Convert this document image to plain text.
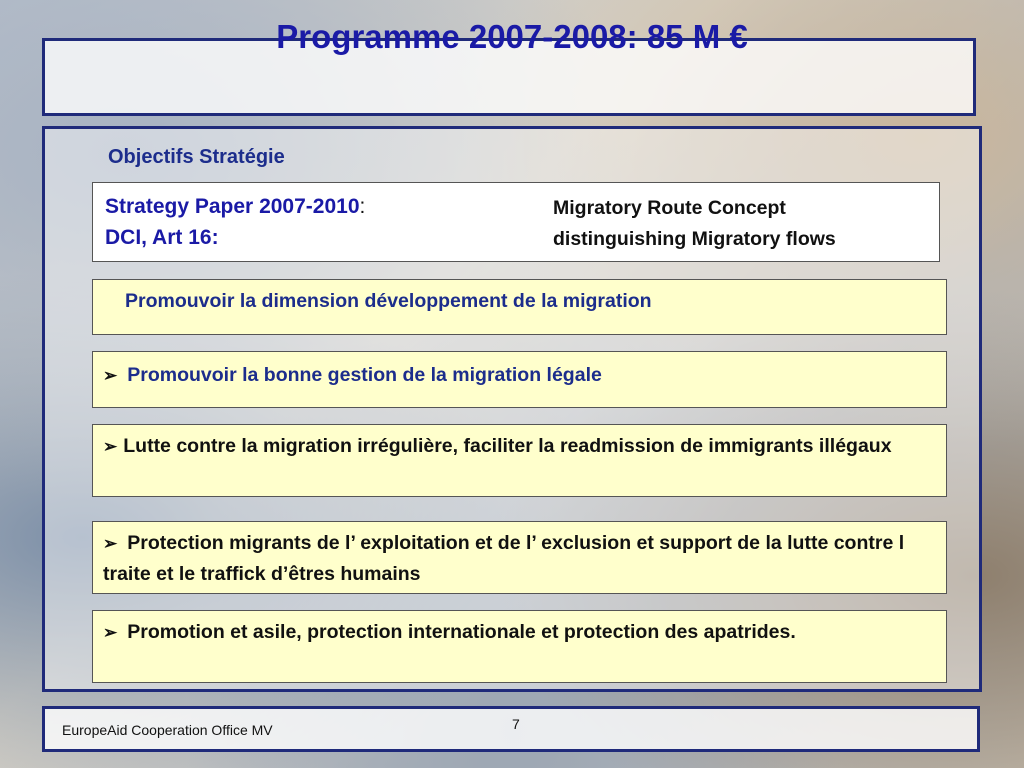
Programme 2007-2008: 85 M €
Objectifs Stratégie
Strategy Paper 2007-2010:
DCI, Art 16:
Migratory Route Concept
distinguishing Migratory flows
Promouvoir la dimension développement de la migration
➢ Promouvoir la bonne gestion de la migration légale
➢ Lutte contre la migration irrégulière, faciliter la readmission de immigrants illégaux
➢ Protection migrants de l’ exploitation et de l’ exclusion et support de la lutte contre l traite et le traffick d’êtres humains
➢ Promotion et asile, protection internationale et protection des apatrides.
EuropeAid Cooperation Office MV	7
